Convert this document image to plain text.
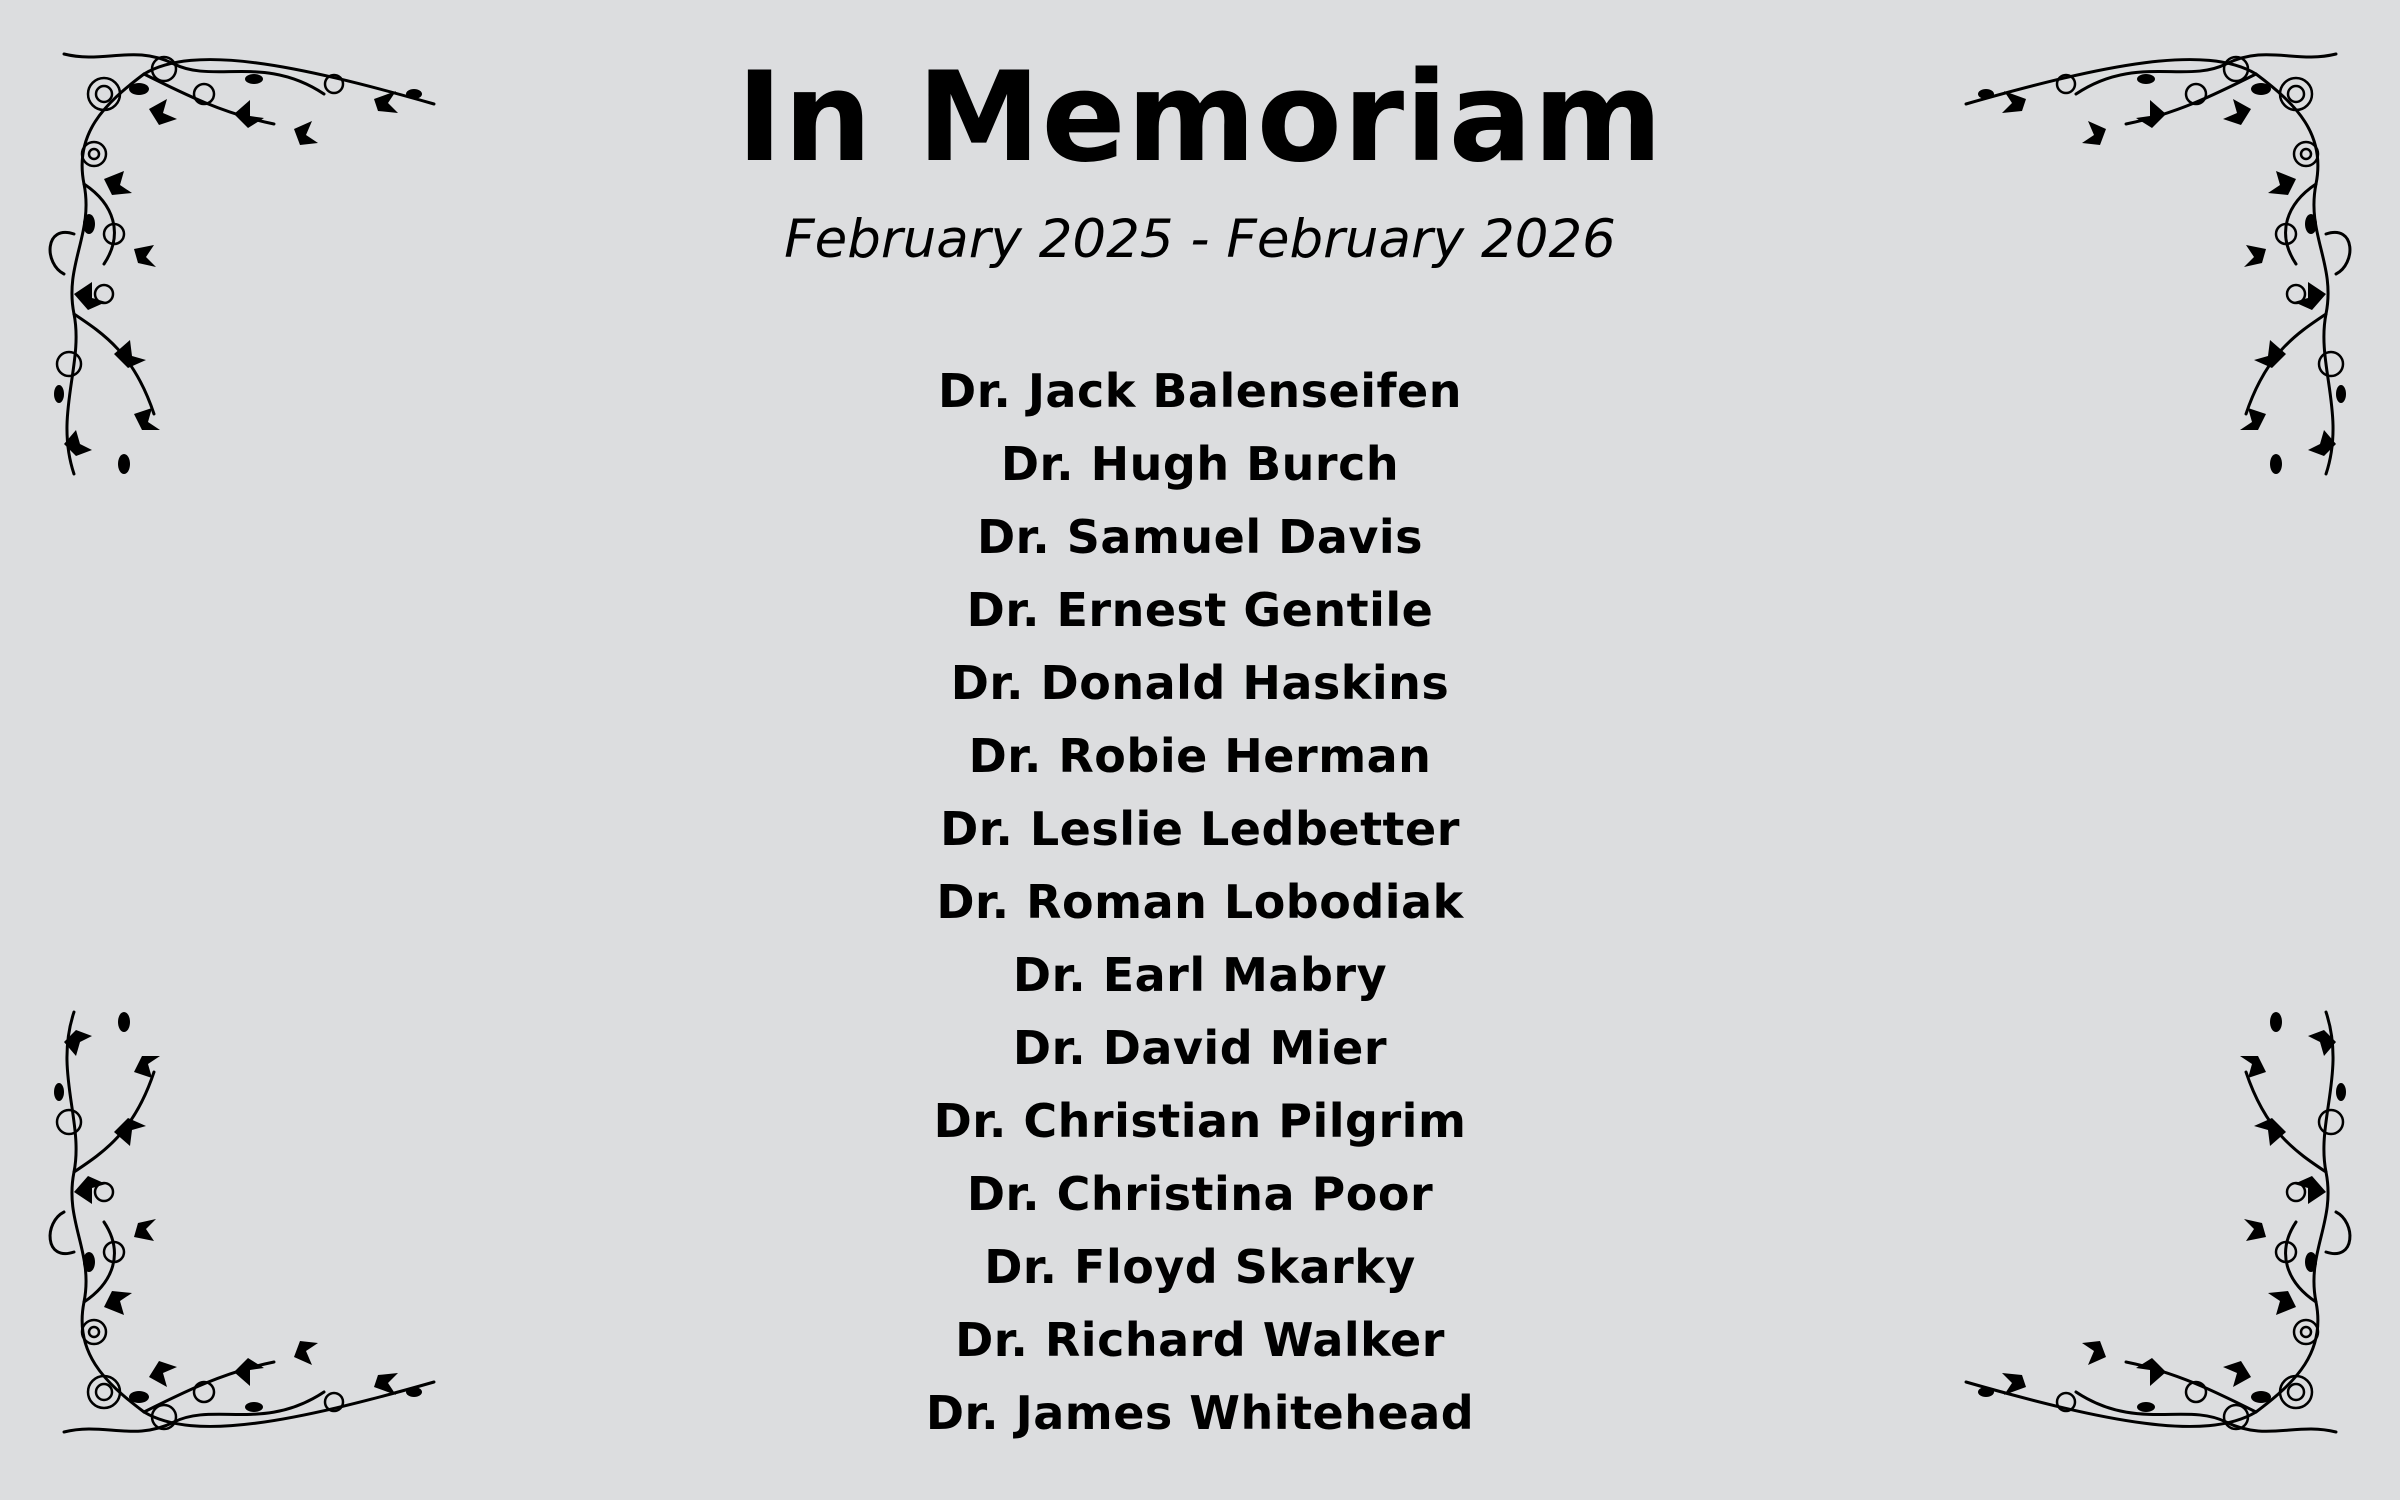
In Memoriam

February 2025 - February 2026

Dr. Jack Balenseifen
Dr. Hugh Burch
Dr. Samuel Davis
Dr. Ernest Gentile
Dr. Donald Haskins
Dr. Robie Herman
Dr. Leslie Ledbetter
Dr. Roman Lobodiak
Dr. Earl Mabry
Dr. David Mier
Dr. Christian Pilgrim
Dr. Christina Poor
Dr. Floyd Skarky
Dr. Richard Walker
Dr. James Whitehead
